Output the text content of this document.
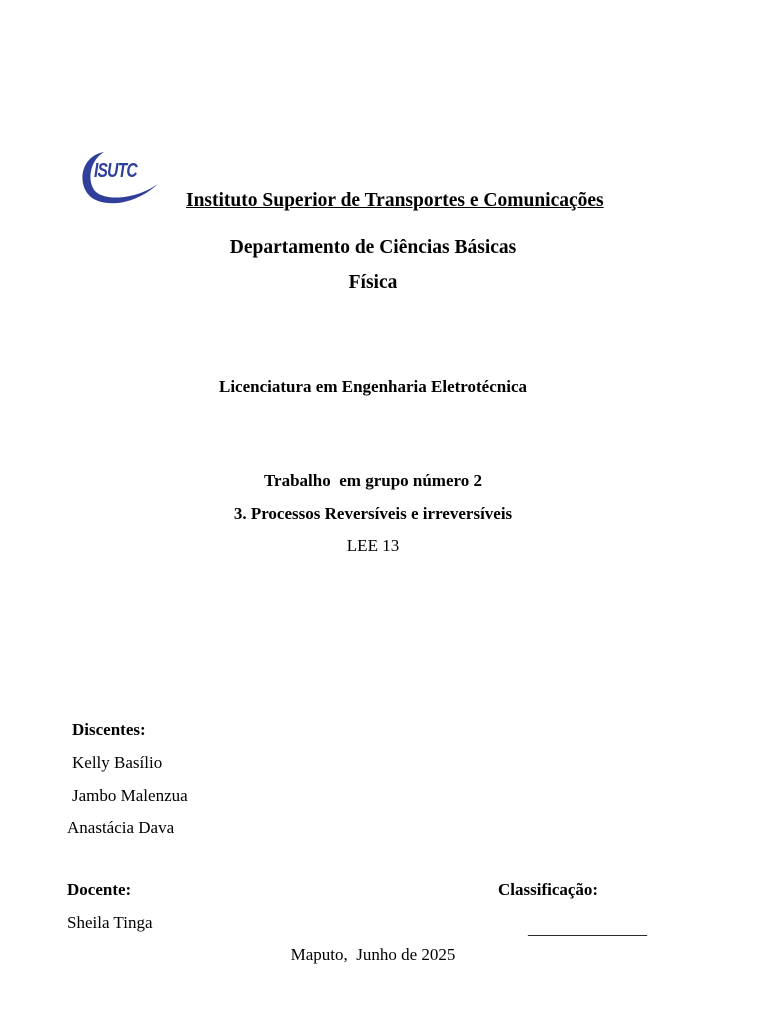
ISUTC
Instituto Superior de Transportes e Comunicações
Departamento de Ciências Básicas
Física
Licenciatura em Engenharia Eletrotécnica
Trabalho  em grupo número 2
3. Processos Reversíveis e irreversíveis
LEE 13
Discentes:
Kelly Basílio
Jambo Malenzua
Anastácia Dava
Docente:
Sheila Tinga
Classificação:
______________
Maputo,  Junho de 2025
